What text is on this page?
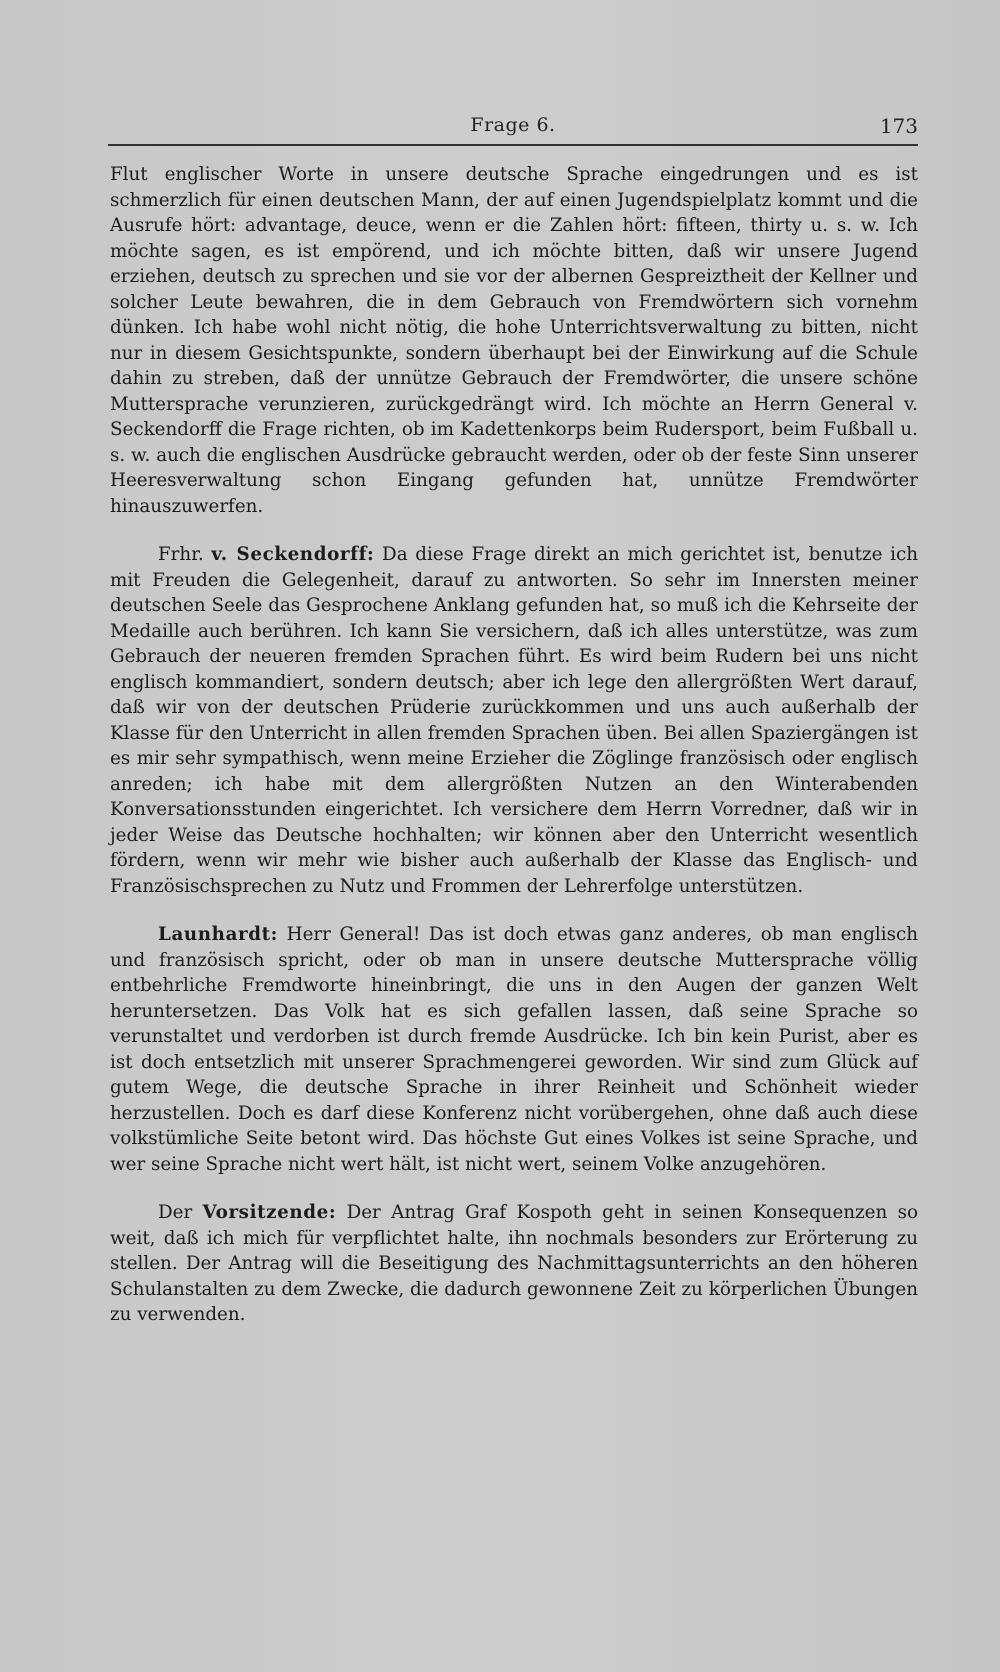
Frage 6.	173

Flut englischer Worte in unsere deutsche Sprache eingedrungen und es ist schmerzlich für einen deutschen Mann, der auf einen Jugendspielplatz kommt und die Ausrufe hört: advantage, deuce, wenn er die Zahlen hört: fifteen, thirty u. s. w. Ich möchte sagen, es ist empörend, und ich möchte bitten, daß wir unsere Jugend erziehen, deutsch zu sprechen und sie vor der albernen Gespreiztheit der Kellner und solcher Leute bewahren, die in dem Gebrauch von Fremdwörtern sich vornehm dünken. Ich habe wohl nicht nötig, die hohe Unterrichtsverwaltung zu bitten, nicht nur in diesem Gesichtspunkte, sondern überhaupt bei der Einwirkung auf die Schule dahin zu streben, daß der unnütze Gebrauch der Fremdwörter, die unsere schöne Muttersprache verunzieren, zurückgedrängt wird. Ich möchte an Herrn General v. Seckendorff die Frage richten, ob im Kadettenkorps beim Rudersport, beim Fußball u. s. w. auch die englischen Ausdrücke gebraucht werden, oder ob der feste Sinn unserer Heeresverwaltung schon Eingang gefunden hat, unnütze Fremdwörter hinauszuwerfen.

Frhr. v. Seckendorff: Da diese Frage direkt an mich gerichtet ist, benutze ich mit Freuden die Gelegenheit, darauf zu antworten. So sehr im Innersten meiner deutschen Seele das Gesprochene Anklang gefunden hat, so muß ich die Kehrseite der Medaille auch berühren. Ich kann Sie versichern, daß ich alles unterstütze, was zum Gebrauch der neueren fremden Sprachen führt. Es wird beim Rudern bei uns nicht englisch kommandiert, sondern deutsch; aber ich lege den allergrößten Wert darauf, daß wir von der deutschen Prüderie zurückkommen und uns auch außerhalb der Klasse für den Unterricht in allen fremden Sprachen üben. Bei allen Spaziergängen ist es mir sehr sympathisch, wenn meine Erzieher die Zöglinge französisch oder englisch anreden; ich habe mit dem allergrößten Nutzen an den Winterabenden Konversationsstunden eingerichtet. Ich versichere dem Herrn Vorredner, daß wir in jeder Weise das Deutsche hochhalten; wir können aber den Unterricht wesentlich fördern, wenn wir mehr wie bisher auch außerhalb der Klasse das Englisch- und Französischsprechen zu Nutz und Frommen der Lehrerfolge unterstützen.

Launhardt: Herr General! Das ist doch etwas ganz anderes, ob man englisch und französisch spricht, oder ob man in unsere deutsche Muttersprache völlig entbehrliche Fremdworte hineinbringt, die uns in den Augen der ganzen Welt heruntersetzen. Das Volk hat es sich gefallen lassen, daß seine Sprache so verunstaltet und verdorben ist durch fremde Ausdrücke. Ich bin kein Purist, aber es ist doch entsetzlich mit unserer Sprachmengerei geworden. Wir sind zum Glück auf gutem Wege, die deutsche Sprache in ihrer Reinheit und Schönheit wieder herzustellen. Doch es darf diese Konferenz nicht vorübergehen, ohne daß auch diese volkstümliche Seite betont wird. Das höchste Gut eines Volkes ist seine Sprache, und wer seine Sprache nicht wert hält, ist nicht wert, seinem Volke anzugehören.

Der Vorsitzende: Der Antrag Graf Kospoth geht in seinen Konsequenzen so weit, daß ich mich für verpflichtet halte, ihn nochmals besonders zur Erörterung zu stellen. Der Antrag will die Beseitigung des Nachmittagsunterrichts an den höheren Schulanstalten zu dem Zwecke, die dadurch gewonnene Zeit zu körperlichen Übungen zu verwenden.
